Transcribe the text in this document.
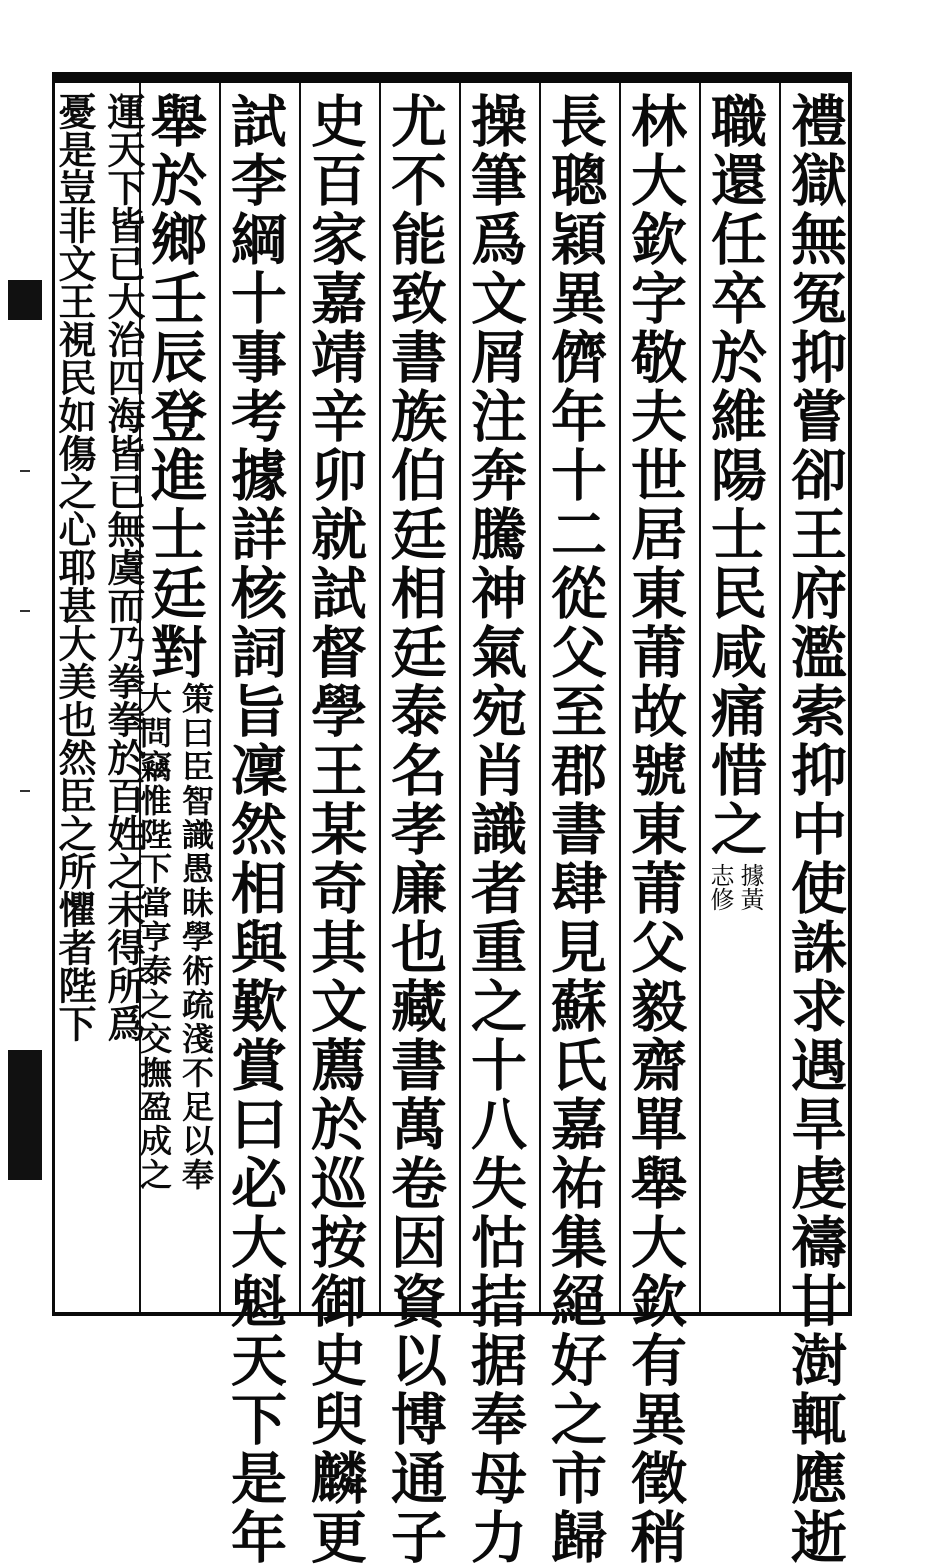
禮獄無冤抑嘗卻王府濫索抑中使誅求遇旱虔禱甘澍輒應逝
職還任卒於維陽士民咸痛惜之
據黃
志修
林大欽字敬夫世居東莆故號東莆父毅齋單舉大欽有異徵稍
長聰穎異儕年十二從父至郡書肆見蘇氏嘉祐集絕好之市歸
操筆爲文屑注奔騰神氣宛肖識者重之十八失怙拮据奉母力
尤不能致書族伯廷相廷泰名孝廉也藏書萬卷因資以博通子
史百家嘉靖辛卯就試督學王某奇其文薦於巡按御史臾麟更
試李綱十事考據詳核詞旨凜然相與歎賞曰必大魁天下是年
舉於鄉壬辰登進士廷對
策曰臣智識愚昧學術疏淺不足以奉
大問竊惟陛下當亨泰之交撫盈成之
運天下皆已大治四海皆已無虞而乃拳拳於百姓之未得所爲
憂是豈非文王視民如傷之心耶甚大美也然臣之所懼者陛下
